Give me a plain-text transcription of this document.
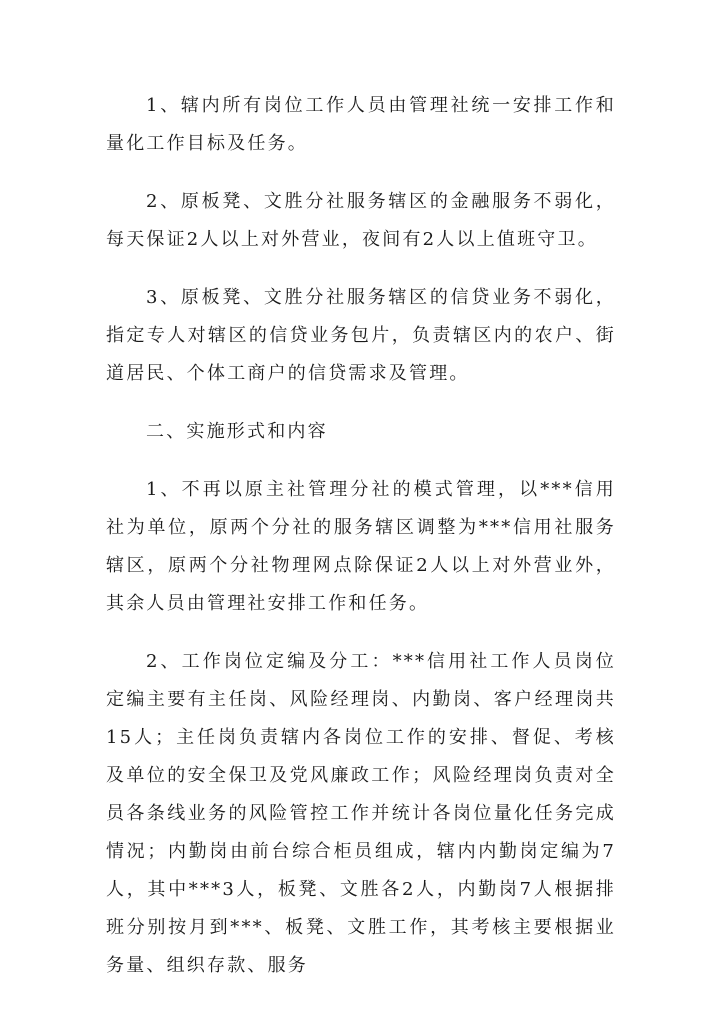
1、辖内所有岗位工作人员由管理社统一安排工作和量化工作目标及任务。

2、原板凳、文胜分社服务辖区的金融服务不弱化，每天保证2人以上对外营业，夜间有2人以上值班守卫。

3、原板凳、文胜分社服务辖区的信贷业务不弱化，指定专人对辖区的信贷业务包片，负责辖区内的农户、街道居民、个体工商户的信贷需求及管理。

二、实施形式和内容

1、不再以原主社管理分社的模式管理，以***信用社为单位，原两个分社的服务辖区调整为***信用社服务辖区，原两个分社物理网点除保证2人以上对外营业外，其余人员由管理社安排工作和任务。

2、工作岗位定编及分工：***信用社工作人员岗位定编主要有主任岗、风险经理岗、内勤岗、客户经理岗共15人；主任岗负责辖内各岗位工作的安排、督促、考核及单位的安全保卫及党风廉政工作；风险经理岗负责对全员各条线业务的风险管控工作并统计各岗位量化任务完成情况；内勤岗由前台综合柜员组成，辖内内勤岗定编为7人，其中***3人，板凳、文胜各2人，内勤岗7人根据排班分别按月到***、板凳、文胜工作，其考核主要根据业务量、组织存款、服务
